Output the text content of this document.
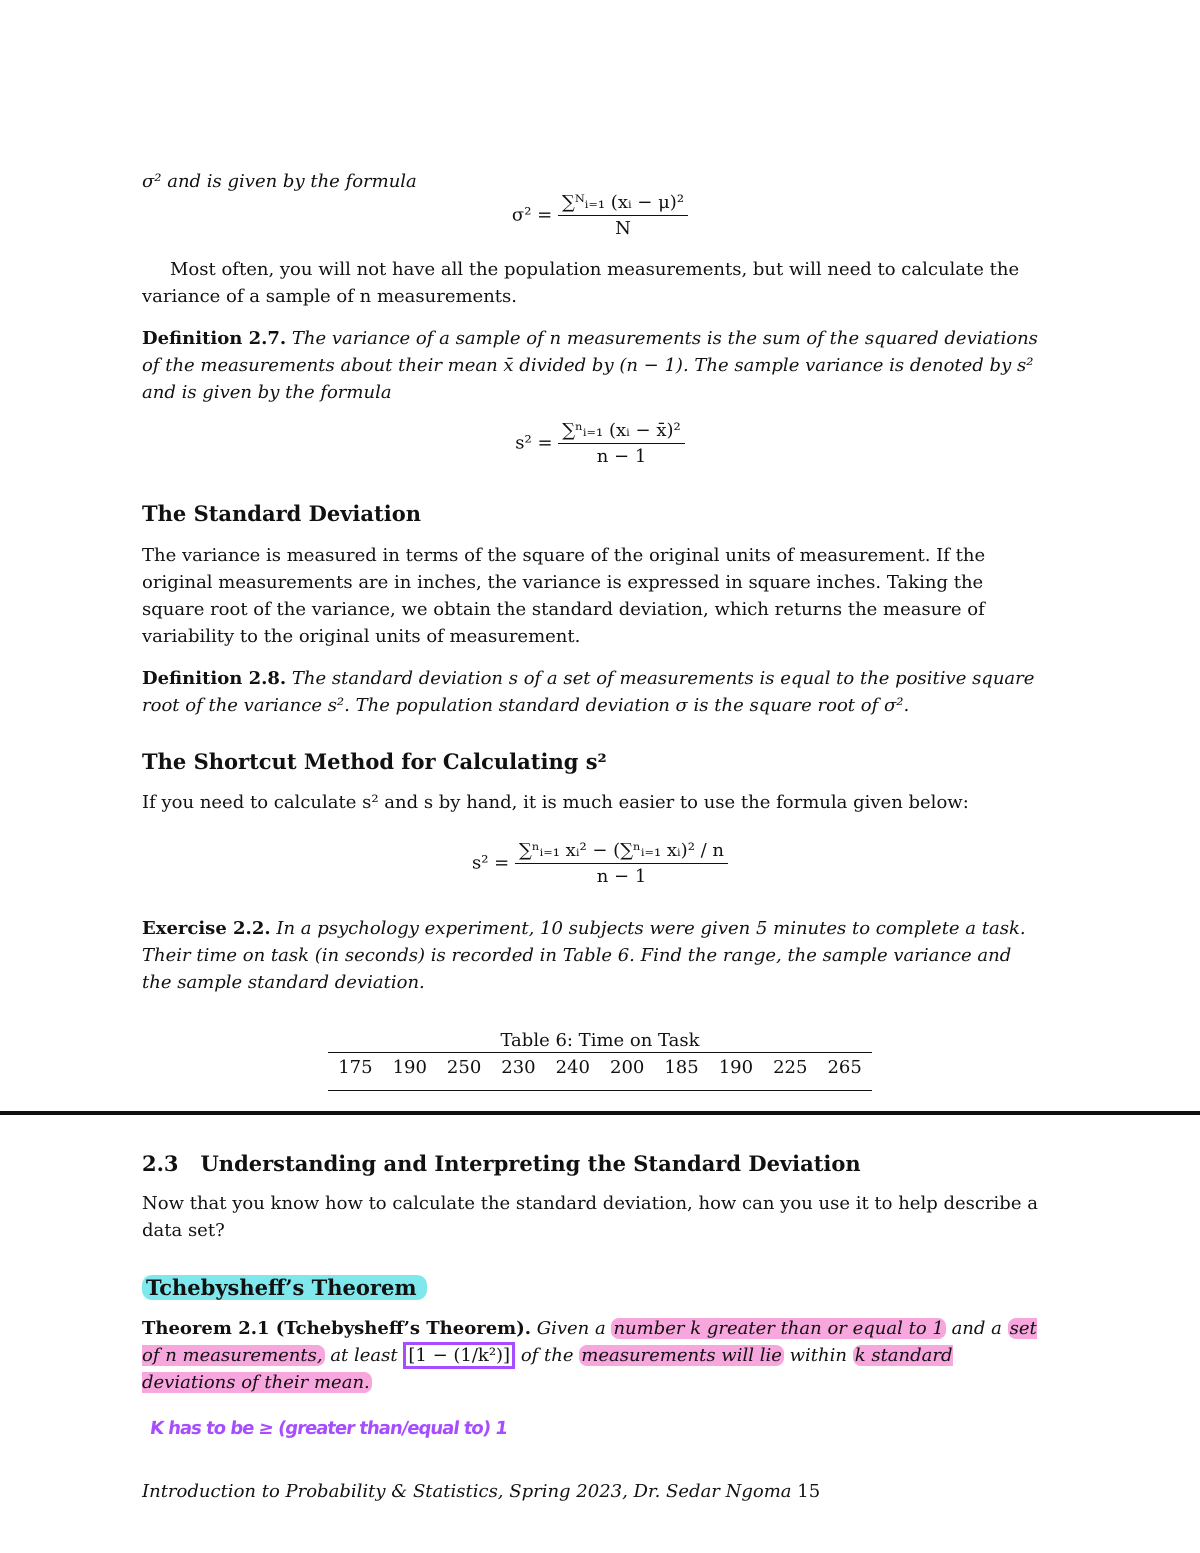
σ² and is given by the formula
$\sigma^2 = \frac{\text{∑ᴺᵢ₌₁ (xᵢ − μ)²}}{N}$
Most often, you will not have all the population measurements, but will need to calculate the variance of a sample of n measurements.
Definition 2.7. The variance of a sample of n measurements is the sum of the squared deviations of the measurements about their mean x̄ divided by (n − 1). The sample variance is denoted by s² and is given by the formula
$s^2 = \frac{\text{∑ⁿᵢ₌₁ (xᵢ − x̄)²}}{n - 1}$
The Standard Deviation
The variance is measured in terms of the square of the original units of measurement. If the original measurements are in inches, the variance is expressed in square inches. Taking the square root of the variance, we obtain the standard deviation, which returns the measure of variability to the original units of measurement.
Definition 2.8. The standard deviation s of a set of measurements is equal to the positive square root of the variance s². The population standard deviation σ is the square root of σ².
The Shortcut Method for Calculating s²
If you need to calculate s² and s by hand, it is much easier to use the formula given below:
$s^2 = \frac{\text{∑ⁿᵢ₌₁ xᵢ² − (∑ⁿᵢ₌₁ xᵢ)² / n}}{n - 1}$
Exercise 2.2. In a psychology experiment, 10 subjects were given 5 minutes to complete a task. Their time on task (in seconds) is recorded in Table 6. Find the range, the sample variance and the sample standard deviation.
Table 6: Time on Task
175	190	250	230	240	200	185	190	225	265
2.3 Understanding and Interpreting the Standard Deviation
Now that you know how to calculate the standard deviation, how can you use it to help describe a data set?
Tchebysheff’s Theorem
Theorem 2.1 (Tchebysheff’s Theorem). Given a number k greater than or equal to 1 and a set of n measurements, at least [1 − (1/k²)] of the measurements will lie within k standard deviations of their mean.
K has to be ≥ (greater than/equal to) 1
Introduction to Probability & Statistics, Spring 2023, Dr. Sedar Ngoma 15
